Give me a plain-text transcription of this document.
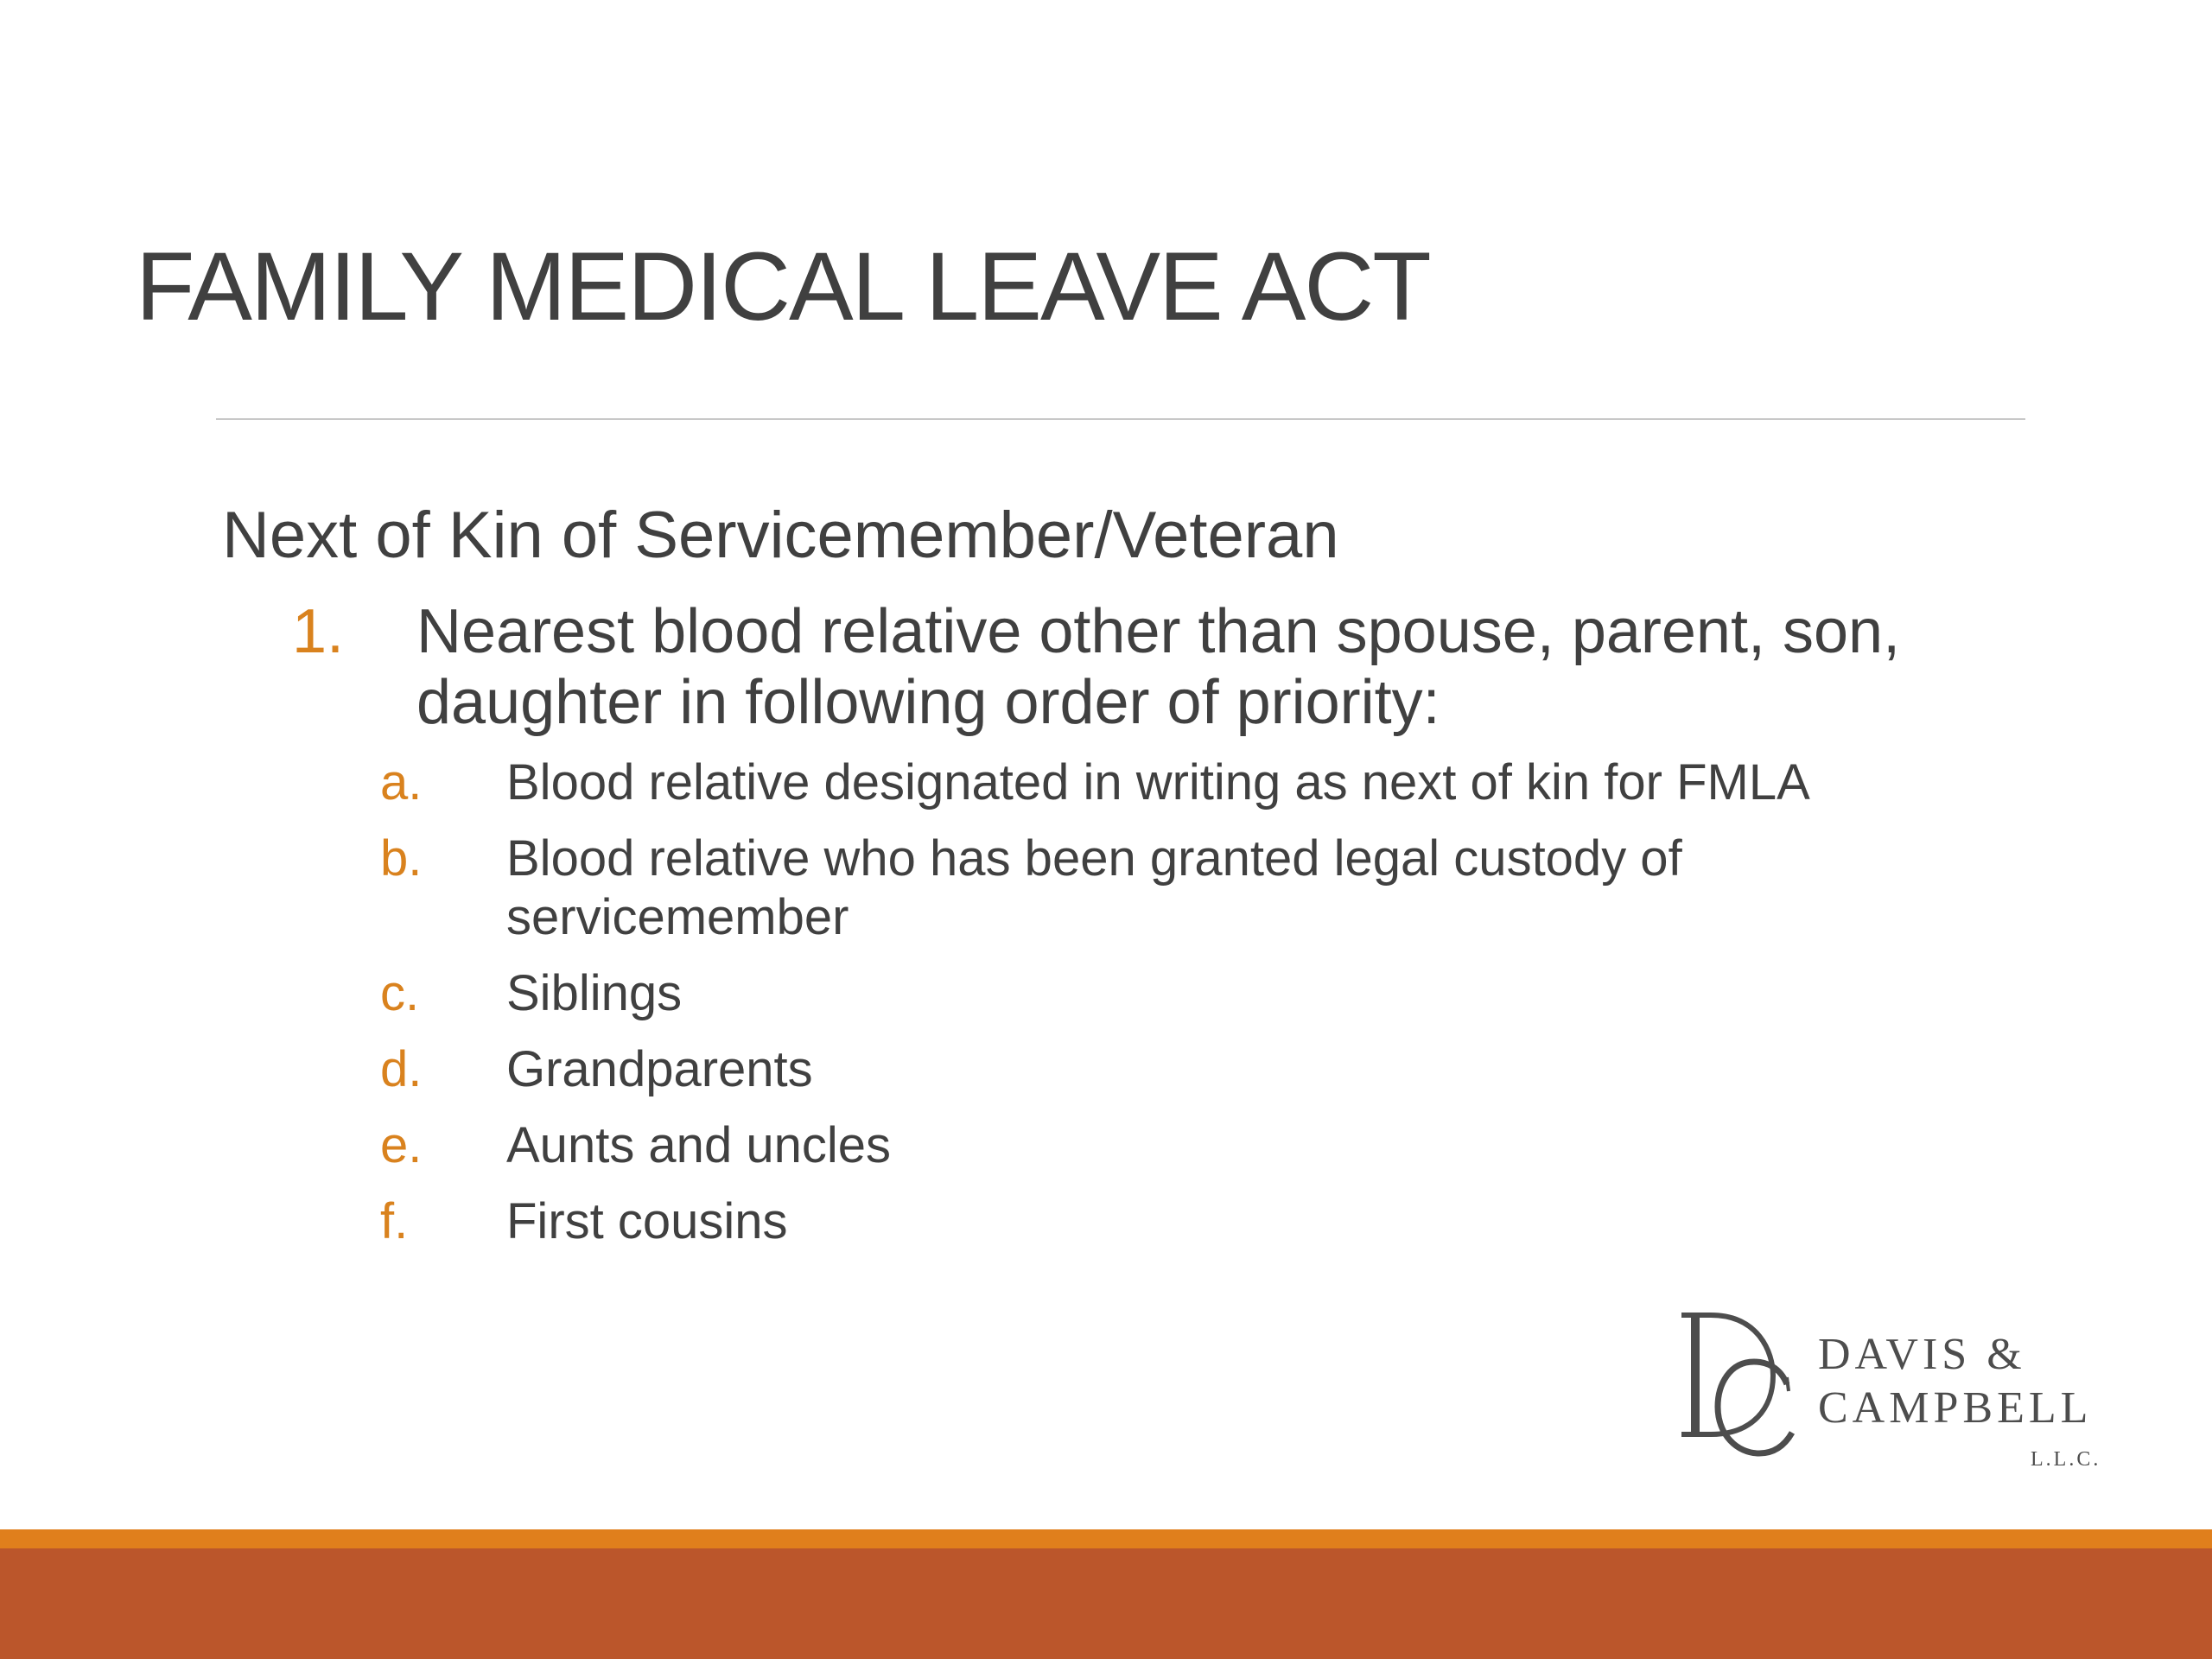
FAMILY MEDICAL LEAVE ACT
Next of Kin of Servicemember/Veteran
1. Nearest blood relative other than spouse, parent, son, daughter in following order of priority:
a. Blood relative designated in writing as next of kin for FMLA
b. Blood relative who has been granted legal custody of servicemember
c. Siblings
d. Grandparents
e. Aunts and uncles
f. First cousins
DAVIS &
CAMPBELL
L.L.C.
